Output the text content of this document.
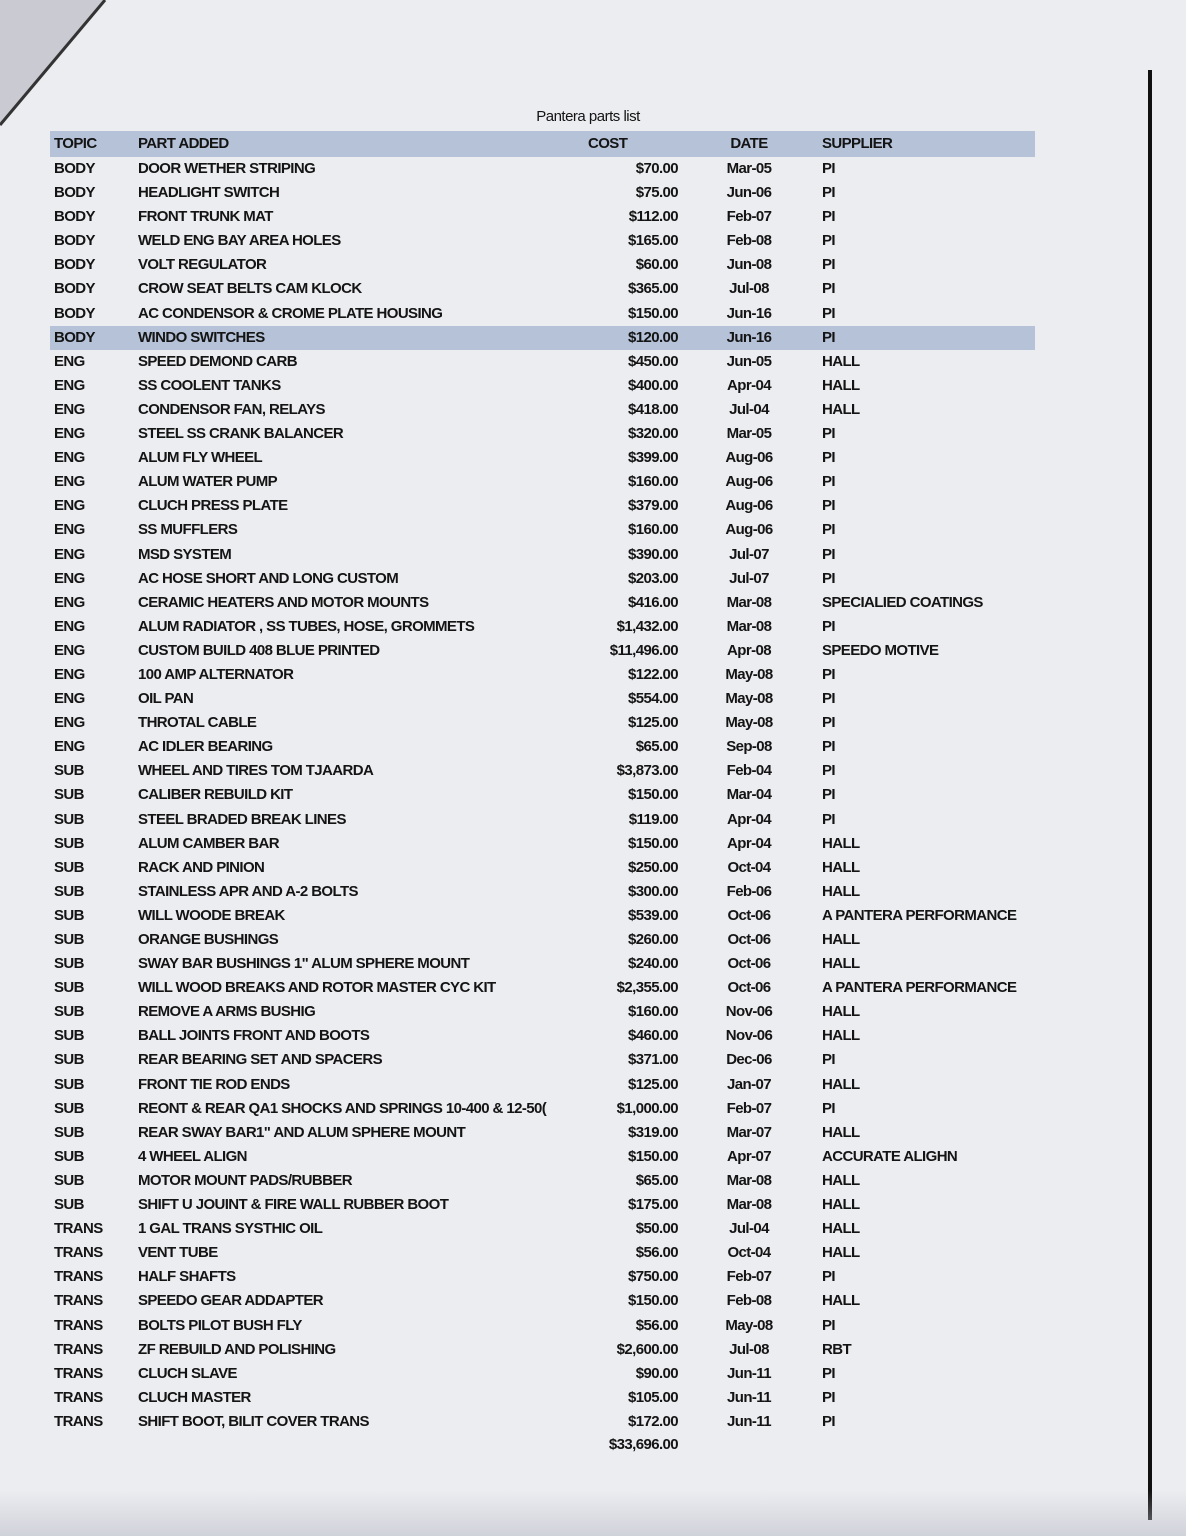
Pantera parts list
TOPIC	PART ADDED	COST	DATE	SUPPLIER
BODY	DOOR WETHER STRIPING	$70.00	Mar-05	PI
BODY	HEADLIGHT SWITCH	$75.00	Jun-06	PI
BODY	FRONT TRUNK MAT	$112.00	Feb-07	PI
BODY	WELD ENG BAY AREA HOLES	$165.00	Feb-08	PI
BODY	VOLT REGULATOR	$60.00	Jun-08	PI
BODY	CROW SEAT BELTS CAM KLOCK	$365.00	Jul-08	PI
BODY	AC CONDENSOR & CROME PLATE HOUSING	$150.00	Jun-16	PI
BODY	WINDO SWITCHES	$120.00	Jun-16	PI
ENG	SPEED DEMOND CARB	$450.00	Jun-05	HALL
ENG	SS COOLENT TANKS	$400.00	Apr-04	HALL
ENG	CONDENSOR FAN, RELAYS	$418.00	Jul-04	HALL
ENG	STEEL SS CRANK BALANCER	$320.00	Mar-05	PI
ENG	ALUM FLY WHEEL	$399.00	Aug-06	PI
ENG	ALUM WATER PUMP	$160.00	Aug-06	PI
ENG	CLUCH PRESS PLATE	$379.00	Aug-06	PI
ENG	SS MUFFLERS	$160.00	Aug-06	PI
ENG	MSD SYSTEM	$390.00	Jul-07	PI
ENG	AC HOSE SHORT AND LONG CUSTOM	$203.00	Jul-07	PI
ENG	CERAMIC HEATERS AND MOTOR MOUNTS	$416.00	Mar-08	SPECIALIED COATINGS
ENG	ALUM RADIATOR , SS TUBES, HOSE, GROMMETS	$1,432.00	Mar-08	PI
ENG	CUSTOM BUILD 408 BLUE PRINTED	$11,496.00	Apr-08	SPEEDO MOTIVE
ENG	100 AMP ALTERNATOR	$122.00	May-08	PI
ENG	OIL PAN	$554.00	May-08	PI
ENG	THROTAL CABLE	$125.00	May-08	PI
ENG	AC IDLER BEARING	$65.00	Sep-08	PI
SUB	WHEEL AND TIRES TOM TJAARDA	$3,873.00	Feb-04	PI
SUB	CALIBER REBUILD KIT	$150.00	Mar-04	PI
SUB	STEEL BRADED BREAK LINES	$119.00	Apr-04	PI
SUB	ALUM CAMBER BAR	$150.00	Apr-04	HALL
SUB	RACK AND PINION	$250.00	Oct-04	HALL
SUB	STAINLESS APR AND A-2 BOLTS	$300.00	Feb-06	HALL
SUB	WILL WOODE BREAK	$539.00	Oct-06	A PANTERA PERFORMANCE
SUB	ORANGE BUSHINGS	$260.00	Oct-06	HALL
SUB	SWAY BAR BUSHINGS 1" ALUM SPHERE MOUNT	$240.00	Oct-06	HALL
SUB	WILL WOOD BREAKS AND ROTOR MASTER CYC KIT	$2,355.00	Oct-06	A PANTERA PERFORMANCE
SUB	REMOVE A ARMS BUSHIG	$160.00	Nov-06	HALL
SUB	BALL JOINTS FRONT AND BOOTS	$460.00	Nov-06	HALL
SUB	REAR BEARING SET AND SPACERS	$371.00	Dec-06	PI
SUB	FRONT TIE ROD ENDS	$125.00	Jan-07	HALL
SUB	REONT & REAR QA1 SHOCKS AND SPRINGS 10-400 & 12-50(	$1,000.00	Feb-07	PI
SUB	REAR SWAY BAR1" AND ALUM SPHERE MOUNT	$319.00	Mar-07	HALL
SUB	4 WHEEL ALIGN	$150.00	Apr-07	ACCURATE ALIGHN
SUB	MOTOR MOUNT PADS/RUBBER	$65.00	Mar-08	HALL
SUB	SHIFT U JOUINT & FIRE WALL RUBBER BOOT	$175.00	Mar-08	HALL
TRANS	1 GAL TRANS SYSTHIC OIL	$50.00	Jul-04	HALL
TRANS	VENT TUBE	$56.00	Oct-04	HALL
TRANS	HALF SHAFTS	$750.00	Feb-07	PI
TRANS	SPEEDO GEAR ADDAPTER	$150.00	Feb-08	HALL
TRANS	BOLTS PILOT BUSH FLY	$56.00	May-08	PI
TRANS	ZF REBUILD AND POLISHING	$2,600.00	Jul-08	RBT
TRANS	CLUCH SLAVE	$90.00	Jun-11	PI
TRANS	CLUCH MASTER	$105.00	Jun-11	PI
TRANS	SHIFT BOOT, BILIT COVER TRANS	$172.00	Jun-11	PI
$33,696.00
